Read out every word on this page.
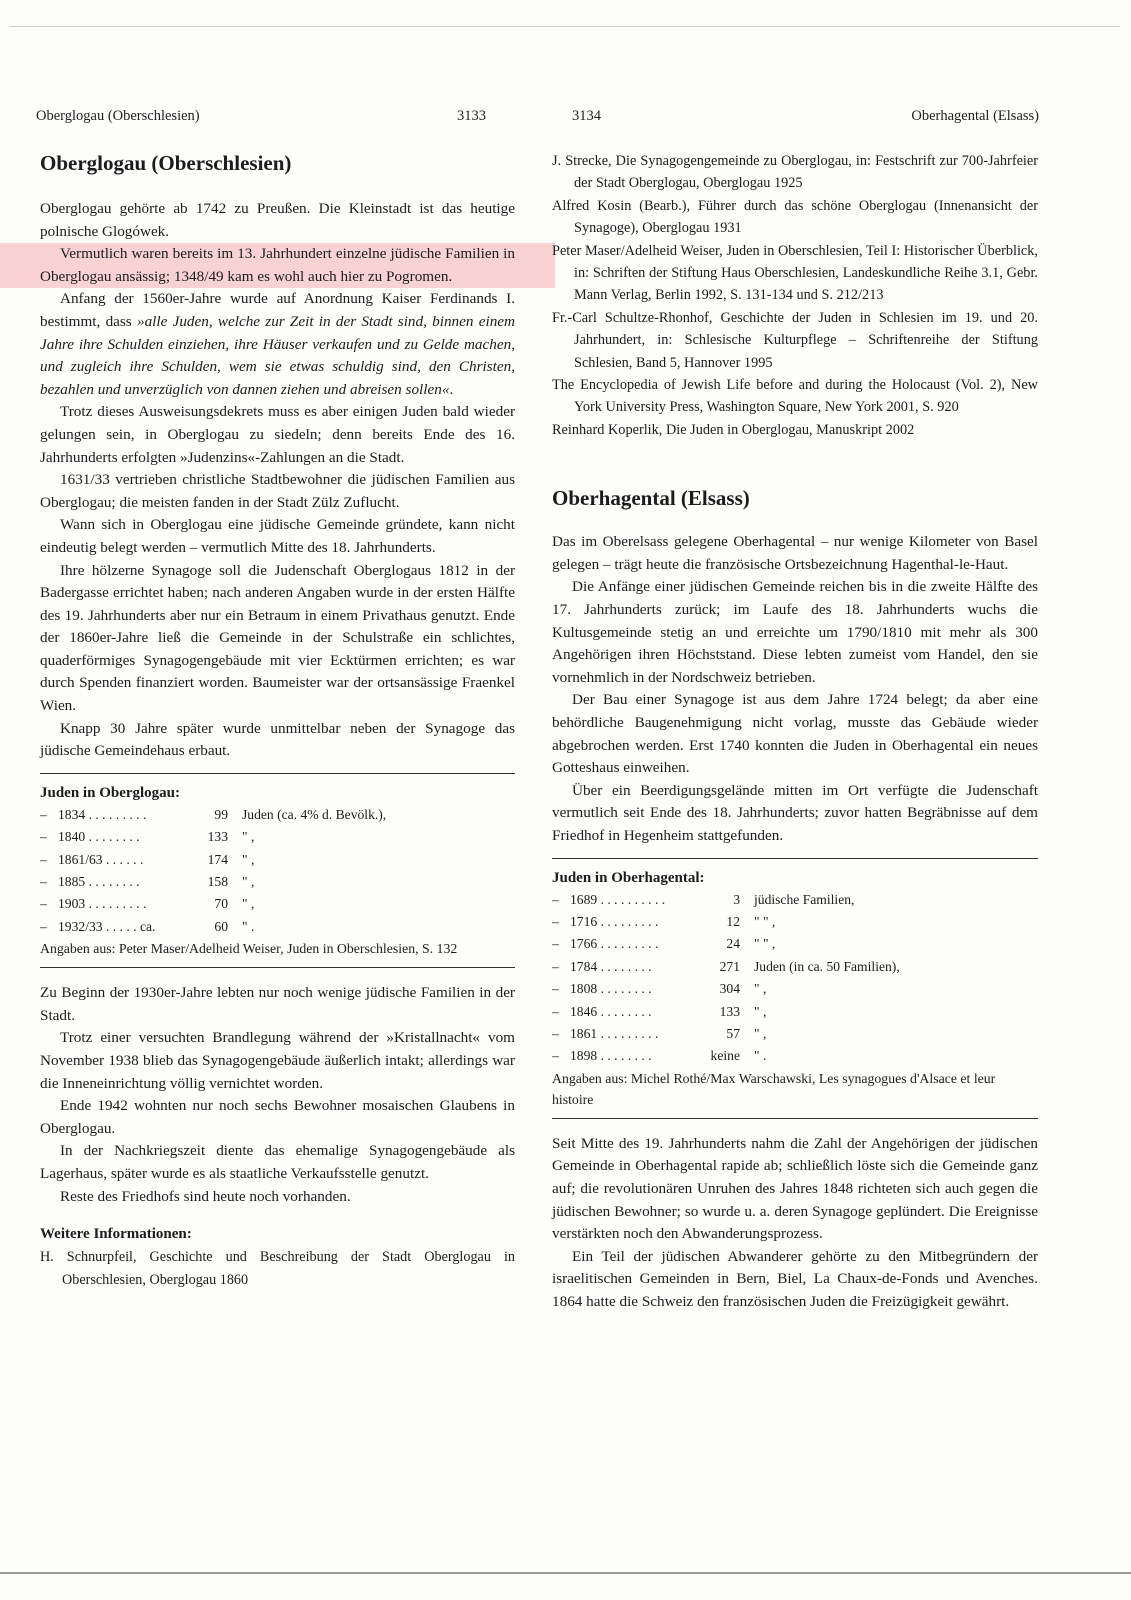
Oberglogau (Oberschlesien)	3133	3134	Oberhagental (Elsass)
Oberglogau (Oberschlesien)

Oberglogau gehörte ab 1742 zu Preußen. Die Kleinstadt ist das heutige polnische Glogówek.

Vermutlich waren bereits im 13. Jahrhundert einzelne jüdische Familien in Oberglogau ansässig; 1348/49 kam es wohl auch hier zu Pogromen.

Anfang der 1560er-Jahre wurde auf Anordnung Kaiser Ferdinands I. bestimmt, dass »alle Juden, welche zur Zeit in der Stadt sind, binnen einem Jahre ihre Schulden einziehen, ihre Häuser verkaufen und zu Gelde machen, und zugleich ihre Schulden, wem sie etwas schuldig sind, den Christen, bezahlen und unverzüglich von dannen ziehen und abreisen sollen«.

Trotz dieses Ausweisungsdekrets muss es aber einigen Juden bald wieder gelungen sein, in Oberglogau zu siedeln; denn bereits Ende des 16. Jahrhunderts erfolgten »Judenzins«-Zahlungen an die Stadt.

1631/33 vertrieben christliche Stadtbewohner die jüdischen Familien aus Oberglogau; die meisten fanden in der Stadt Zülz Zuflucht.

Wann sich in Oberglogau eine jüdische Gemeinde gründete, kann nicht eindeutig belegt werden – vermutlich Mitte des 18. Jahrhunderts.

Ihre hölzerne Synagoge soll die Judenschaft Oberglogaus 1812 in der Badergasse errichtet haben; nach anderen Angaben wurde in der ersten Hälfte des 19. Jahrhunderts aber nur ein Betraum in einem Privathaus genutzt. Ende der 1860er-Jahre ließ die Gemeinde in der Schulstraße ein schlichtes, quaderförmiges Synagogengebäude mit vier Ecktürmen errichten; es war durch Spenden finanziert worden. Baumeister war der ortsansässige Fraenkel Wien.

Knapp 30 Jahre später wurde unmittelbar neben der Synagoge das jüdische Gemeindehaus erbaut.

Juden in Oberglogau:
–	1834 . . . . . . . . .	99	Juden (ca. 4% d. Bevölk.),
–	1840 . . . . . . . .	133	" ,
–	1861/63 . . . . . .	174	" ,
–	1885 . . . . . . . .	158	" ,
–	1903 . . . . . . . . .	70	" ,
–	1932/33 . . . . . ca.	60	" .
Angaben aus: Peter Maser/Adelheid Weiser, Juden in Oberschlesien, S. 132

Zu Beginn der 1930er-Jahre lebten nur noch wenige jüdische Familien in der Stadt.

Trotz einer versuchten Brandlegung während der »Kristallnacht« vom November 1938 blieb das Synagogengebäude äußerlich intakt; allerdings war die Inneneinrichtung völlig vernichtet worden.

Ende 1942 wohnten nur noch sechs Bewohner mosaischen Glaubens in Oberglogau.

In der Nachkriegszeit diente das ehemalige Synagogengebäude als Lagerhaus, später wurde es als staatliche Verkaufsstelle genutzt.

Reste des Friedhofs sind heute noch vorhanden.

Weitere Informationen:
H. Schnurpfeil, Geschichte und Beschreibung der Stadt Oberglogau in Oberschlesien, Oberglogau 1860
J. Strecke, Die Synagogengemeinde zu Oberglogau, in: Festschrift zur 700-Jahrfeier der Stadt Oberglogau, Oberglogau 1925
Alfred Kosin (Bearb.), Führer durch das schöne Oberglogau (Innenansicht der Synagoge), Oberglogau 1931
Peter Maser/Adelheid Weiser, Juden in Oberschlesien, Teil I: Historischer Überblick, in: Schriften der Stiftung Haus Oberschlesien, Landeskundliche Reihe 3.1, Gebr. Mann Verlag, Berlin 1992, S. 131-134 und S. 212/213
Fr.-Carl Schultze-Rhonhof, Geschichte der Juden in Schlesien im 19. und 20. Jahrhundert, in: Schlesische Kulturpflege – Schriftenreihe der Stiftung Schlesien, Band 5, Hannover 1995
The Encyclopedia of Jewish Life before and during the Holocaust (Vol. 2), New York University Press, Washington Square, New York 2001, S. 920
Reinhard Koperlik, Die Juden in Oberglogau, Manuskript 2002
Oberhagental (Elsass)

Das im Oberelsass gelegene Oberhagental – nur wenige Kilometer von Basel gelegen – trägt heute die französische Ortsbezeichnung Hagenthal-le-Haut.

Die Anfänge einer jüdischen Gemeinde reichen bis in die zweite Hälfte des 17. Jahrhunderts zurück; im Laufe des 18. Jahrhunderts wuchs die Kultusgemeinde stetig an und erreichte um 1790/1810 mit mehr als 300 Angehörigen ihren Höchststand. Diese lebten zumeist vom Handel, den sie vornehmlich in der Nordschweiz betrieben.

Der Bau einer Synagoge ist aus dem Jahre 1724 belegt; da aber eine behördliche Baugenehmigung nicht vorlag, musste das Gebäude wieder abgebrochen werden. Erst 1740 konnten die Juden in Oberhagental ein neues Gotteshaus einweihen.

Über ein Beerdigungsgelände mitten im Ort verfügte die Judenschaft vermutlich seit Ende des 18. Jahrhunderts; zuvor hatten Begräbnisse auf dem Friedhof in Hegenheim stattgefunden.

Juden in Oberhagental:
–	1689 . . . . . . . . . .	3	jüdische Familien,
–	1716 . . . . . . . . .	12	" " ,
–	1766 . . . . . . . . .	24	" " ,
–	1784 . . . . . . . .	271	Juden (in ca. 50 Familien),
–	1808 . . . . . . . .	304	" ,
–	1846 . . . . . . . .	133	" ,
–	1861 . . . . . . . . .	57	" ,
–	1898 . . . . . . . .	keine	" .
Angaben aus: Michel Rothé/Max Warschawski, Les synagogues d'Alsace et leur histoire

Seit Mitte des 19. Jahrhunderts nahm die Zahl der Angehörigen der jüdischen Gemeinde in Oberhagental rapide ab; schließlich löste sich die Gemeinde ganz auf; die revolutionären Unruhen des Jahres 1848 richteten sich auch gegen die jüdischen Bewohner; so wurde u. a. deren Synagoge geplündert. Die Ereignisse verstärkten noch den Abwanderungsprozess.

Ein Teil der jüdischen Abwanderer gehörte zu den Mitbegründern der israelitischen Gemeinden in Bern, Biel, La Chaux-de-Fonds und Avenches. 1864 hatte die Schweiz den französischen Juden die Freizügigkeit gewährt.
